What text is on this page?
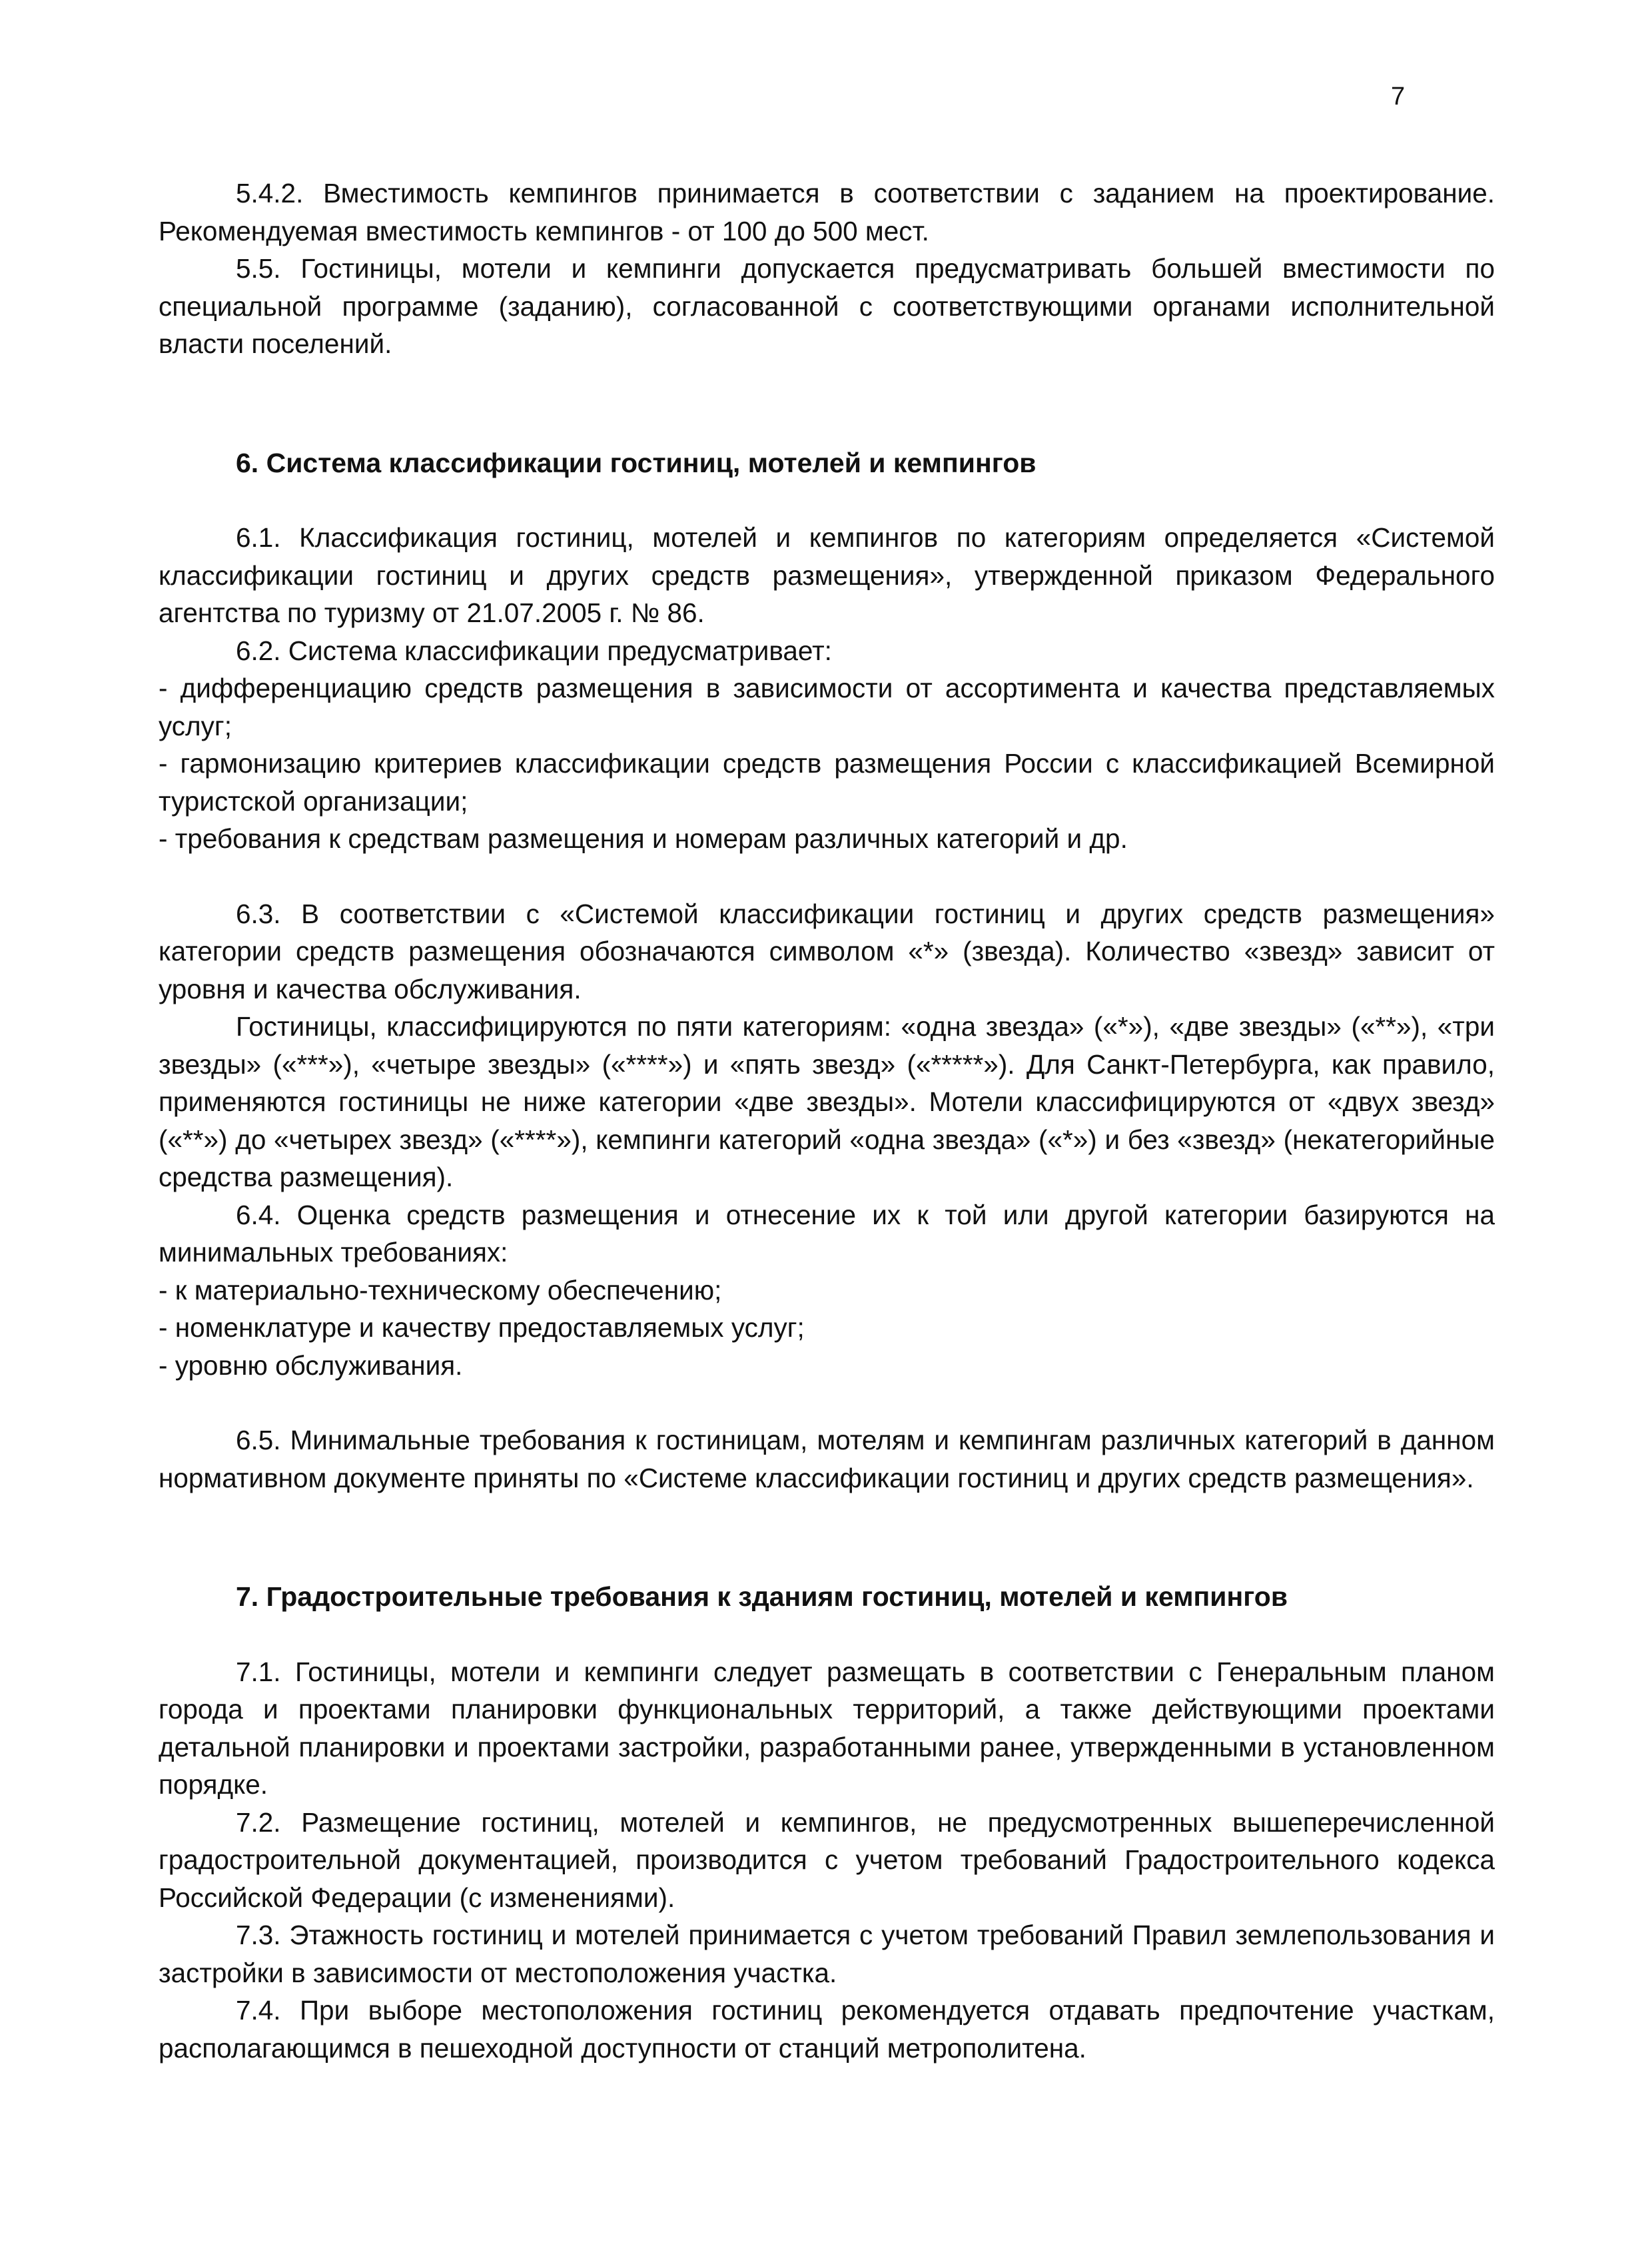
7

5.4.2. Вместимость кемпингов принимается в соответствии с заданием на проектирование. Рекомендуемая вместимость кемпингов - от 100 до 500 мест.

5.5. Гостиницы, мотели и кемпинги допускается предусматривать большей вместимости по специальной программе (заданию), согласованной с соответствующими органами исполнительной власти поселений.

6. Система классификации гостиниц, мотелей и кемпингов

6.1. Классификация гостиниц, мотелей и кемпингов по категориям определяется «Системой классификации гостиниц и других средств размещения», утвержденной приказом Федерального агентства по туризму от 21.07.2005 г. № 86.

6.2. Система классификации предусматривает:

- дифференциацию средств размещения в зависимости от ассортимента и качества представляемых услуг;

- гармонизацию критериев классификации средств размещения России с классификацией Всемирной туристской организации;

- требования к средствам размещения и номерам различных категорий и др.

6.3. В соответствии с «Системой классификации гостиниц и других средств размещения» категории средств размещения обозначаются символом «*» (звезда). Количество «звезд» зависит от уровня и качества обслуживания.

Гостиницы, классифицируются по пяти категориям: «одна звезда» («*»), «две звезды» («**»), «три звезды» («***»), «четыре звезды» («****») и «пять звезд» («*****»). Для Санкт-Петербурга, как правило, применяются гостиницы не ниже категории «две звезды». Мотели классифицируются от «двух звезд» («**») до «четырех звезд» («****»), кемпинги категорий «одна звезда» («*») и без «звезд» (некатегорийные средства размещения).

6.4. Оценка средств размещения и отнесение их к той или другой категории базируются на минимальных требованиях:

- к материально-техническому обеспечению;

- номенклатуре и качеству предоставляемых услуг;

- уровню обслуживания.

6.5. Минимальные требования к гостиницам, мотелям и кемпингам различных категорий в данном нормативном документе приняты по «Системе классификации гостиниц и других средств размещения».

7. Градостроительные требования к зданиям гостиниц, мотелей и кемпингов

7.1. Гостиницы, мотели и кемпинги следует размещать в соответствии с Генеральным планом города и проектами планировки функциональных территорий, а также действующими проектами детальной планировки и проектами застройки, разработанными ранее, утвержденными в установленном порядке.

7.2. Размещение гостиниц, мотелей и кемпингов, не предусмотренных вышеперечисленной градостроительной документацией, производится с учетом требований Градостроительного кодекса Российской Федерации (с изменениями).

7.3. Этажность гостиниц и мотелей принимается с учетом требований Правил землепользования и застройки в зависимости от местоположения участка.

7.4. При выборе местоположения гостиниц рекомендуется отдавать предпочтение участкам, располагающимся в пешеходной доступности от станций метрополитена.
